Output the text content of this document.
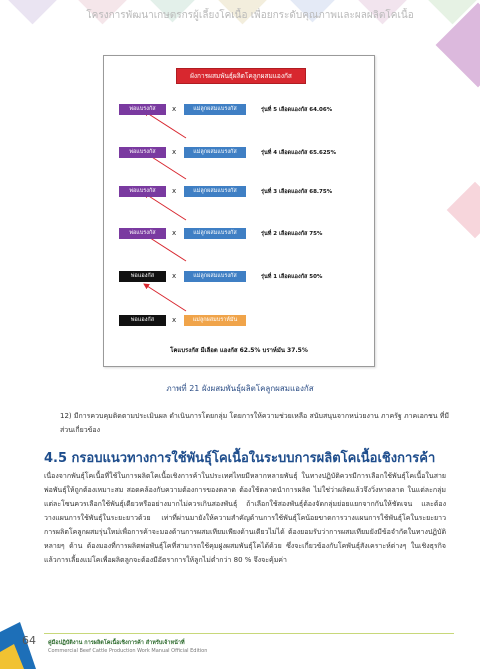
โครงการพัฒนาเกษตรกรผู้เลี้ยงโคเนื้อ เพื่อยกระดับคุณภาพและผลผลิตโคเนื้อ
ผังการผสมพันธุ์ผลิตโคลูกผสมแองกัส
พ่อแบรงกัส	x	แม่ลูกผสมแบรงกัส	รุ่นที่ 5 เลือดแองกัส 64.06%
พ่อแบรงกัส	x	แม่ลูกผสมแบรงกัส	รุ่นที่ 4 เลือดแองกัส 65.625%
พ่อแบรงกัส	x	แม่ลูกผสมแบรงกัส	รุ่นที่ 3 เลือดแองกัส 68.75%
พ่อแบรงกัส	x	แม่ลูกผสมแบรงกัส	รุ่นที่ 2 เลือดแองกัส 75%
พ่อแองกัส	x	แม่ลูกผสมแบรงกัส	รุ่นที่ 1 เลือดแองกัส 50%
พ่อแองกัส	x	แม่ลูกผสมบราห์มัน
โคแบรงกัส มีเลือด แองกัส 62.5% บราห์มัน 37.5%
ภาพที่ 21 ผังผสมพันธุ์ผลิตโคลูกผสมแองกัส
12) มีการควบคุมติดตามประเมินผล ดำเนินการโดยกลุ่ม โดยการให้ความช่วยเหลือ สนับสนุนจากหน่วยงาน ภาครัฐ ภาคเอกชน ที่มีส่วนเกี่ยวข้อง
4.5 กรอบแนวทางการใช้พันธุ์โคเนื้อในระบบการผลิตโคเนื้อเชิงการค้า
เนื่องจากพันธุ์โคเนื้อที่ใช้ในการผลิตโคเนื้อเชิงการค้าในประเทศไทยมีหลากหลายพันธุ์ ในทางปฏิบัติควรมีการเลือกใช้พันธุ์โคเนื้อในสายพ่อพันธุ์ให้ถูกต้องเหมาะสม สอดคล้องกับความต้องการของตลาด ต้องใช้ตลาดนำการผลิต ไม่ใช่ว่าผลิตแล้วจึงวิ่งหาตลาด ในแต่ละกลุ่ม แต่ละโซนควรเลือกใช้พันธุ์เดียวหรืออย่างมากไม่ควรเกินสองพันธุ์ ถ้าเลือกใช้สองพันธุ์ต้องจัดกลุ่มย่อยแยกจากกันให้ชัดเจน และต้องวางแผนการใช้พันธุ์ในระยะยาวด้วย เท่าที่ผ่านมายังให้ความสำคัญด้านการใช้พันธุ์โคน้อยขาดการวางแผนการใช้พันธุ์โคในระยะยาว การผลิตโคลูกผสมรุ่นใหม่เพื่อการค้าจะมองด้านการผสมเทียมเพียงด้านเดียวไม่ได้ ต้องยอมรับว่าการผสมเทียมยังมีข้อจำกัดในทางปฏิบัติหลายๆ ด้าน ต้องมองที่การผลิตพ่อพันธุ์โคที่สามารถใช้คุมฝูงผสมพันธุ์โคได้ด้วย ซึ่งจะเกี่ยวข้องกับโคพันธุ์สังเคราะห์ต่างๆ ในเชิงธุรกิจแล้วการเลี้ยงแม่โคเพื่อผลิตลูกจะต้องมีอัตราการให้ลูกไม่ต่ำกว่า 80 % จึงจะคุ้มค่า
64 คู่มือปฏิบัติงาน การผลิตโคเนื้อเชิงการค้า สำหรับเจ้าหน้าที่
Commercial Beef Cattle Production Work Manual Official Edition
